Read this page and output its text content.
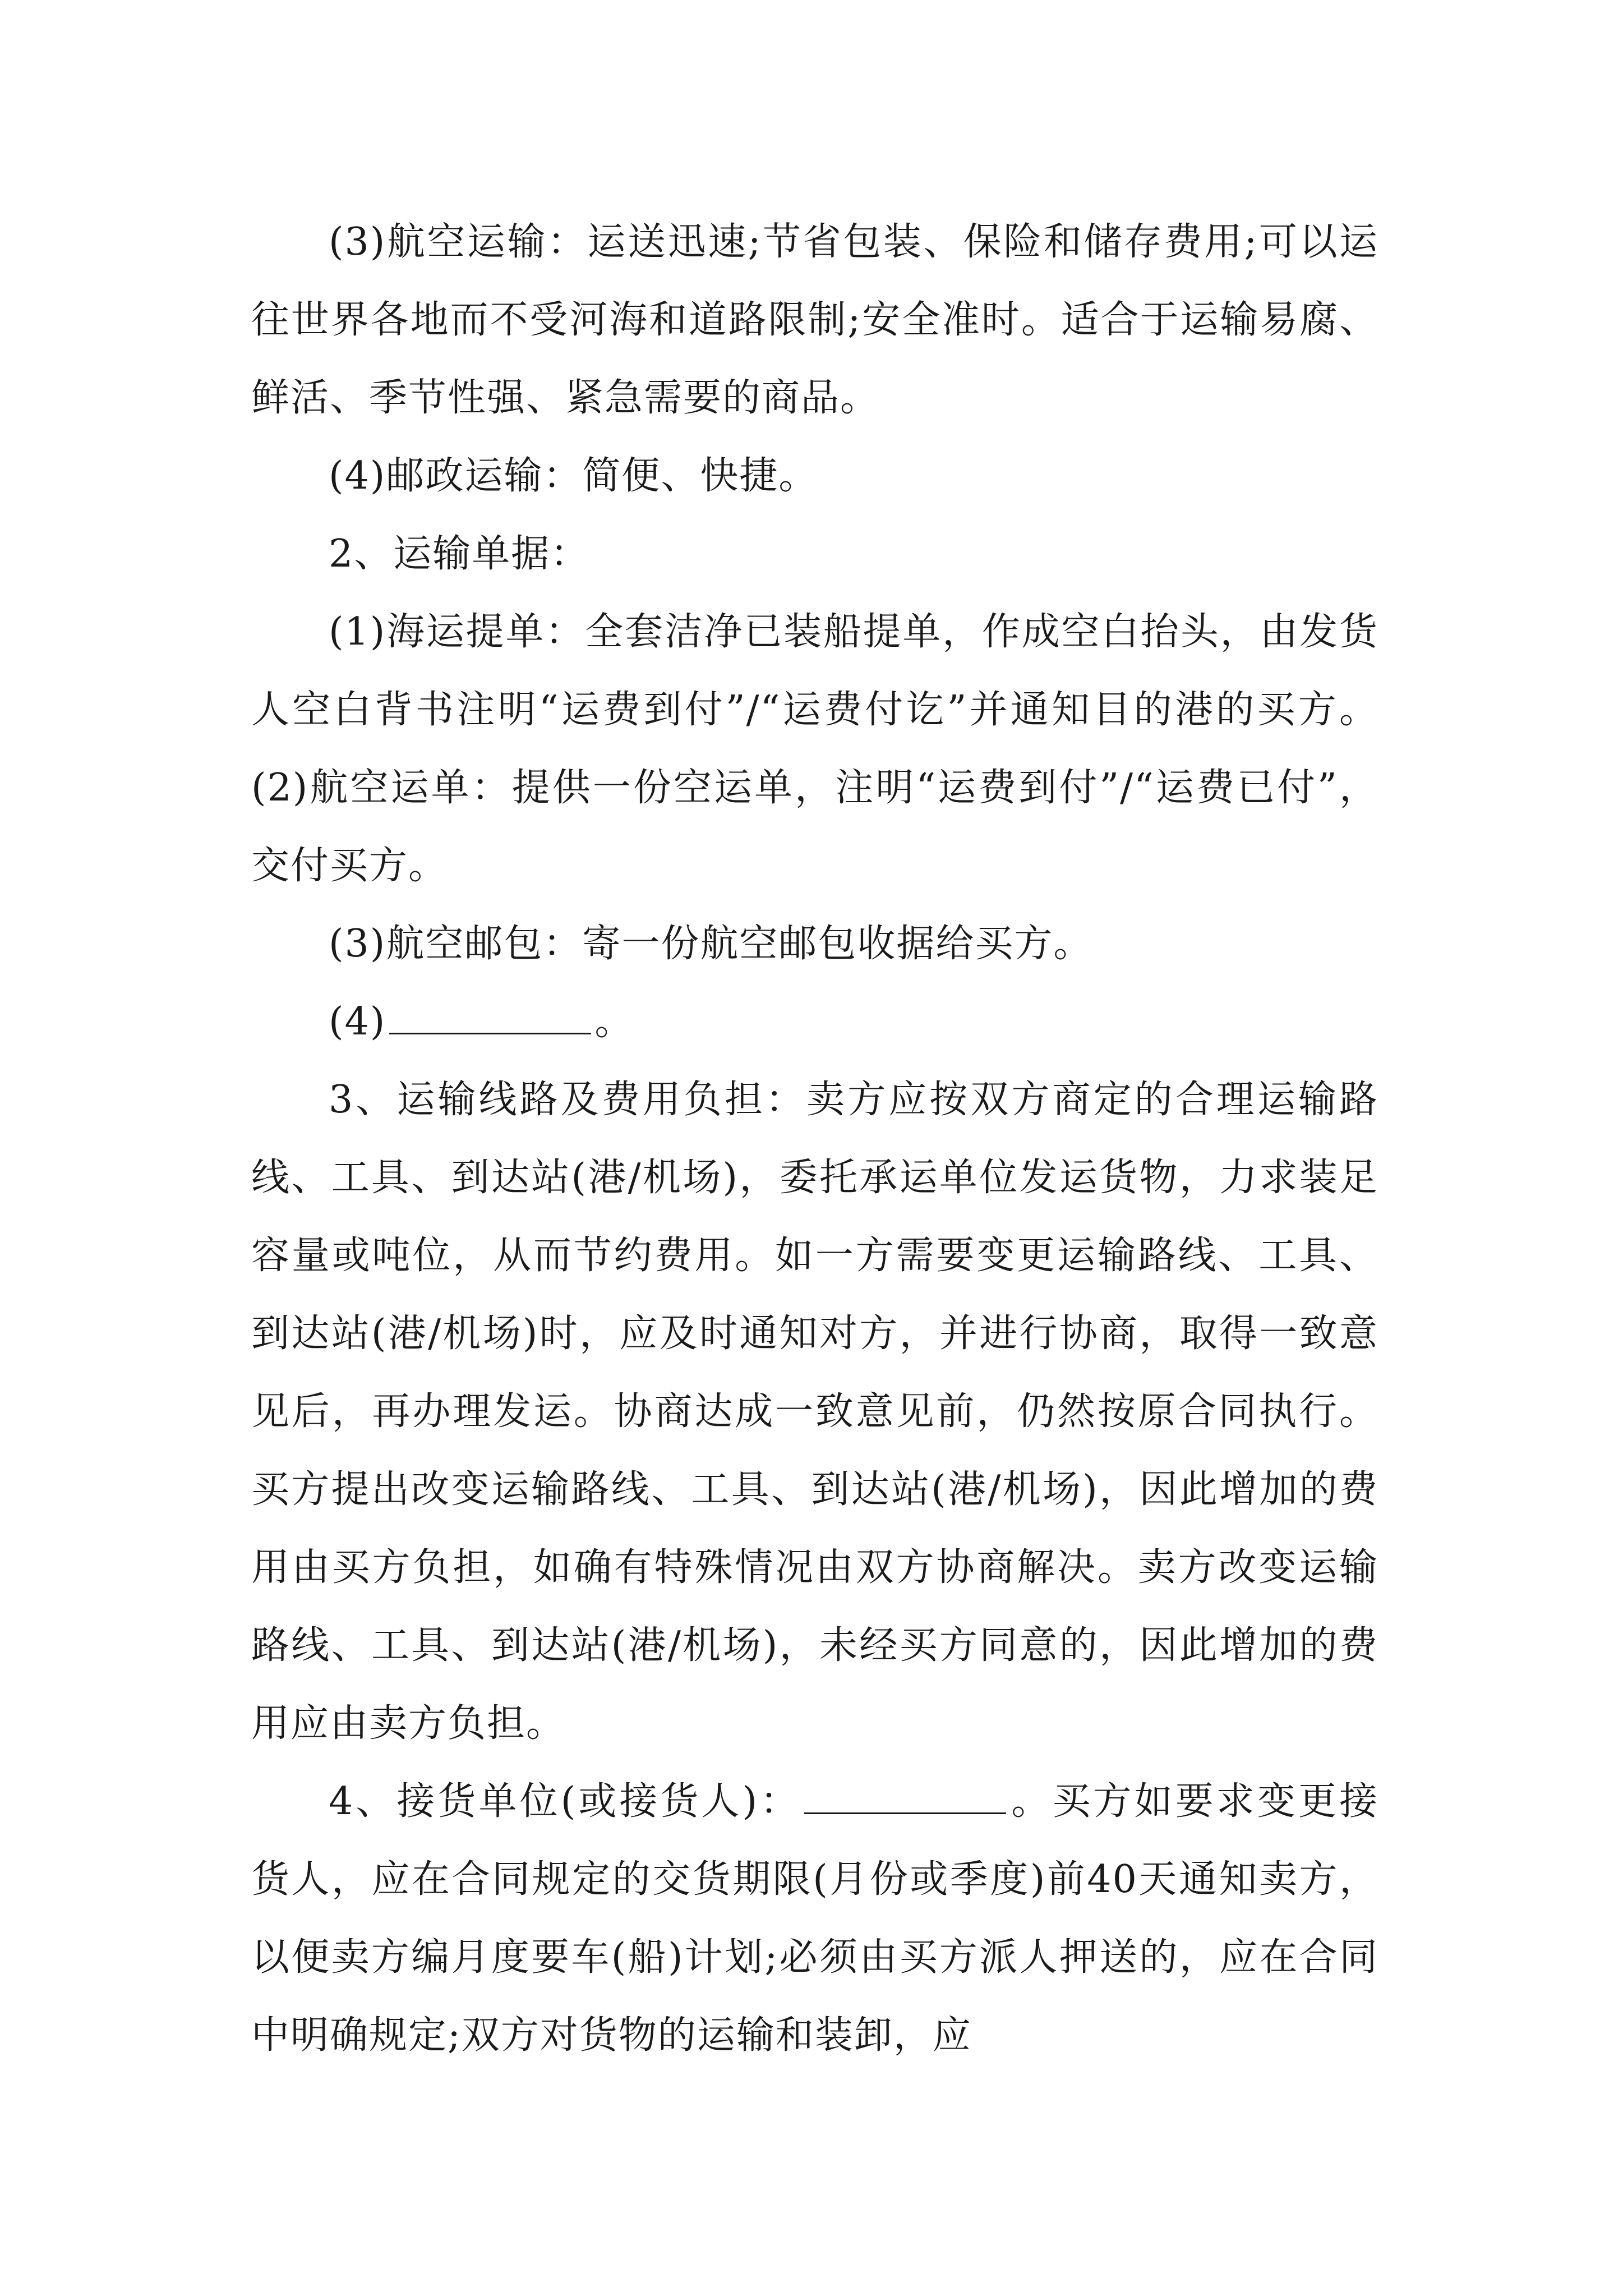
(3)航空运输：运送迅速;节省包装、保险和储存费用;可以运往世界各地而不受河海和道路限制;安全准时。适合于运输易腐、鲜活、季节性强、紧急需要的商品。

(4)邮政运输：简便、快捷。

2、运输单据：

(1)海运提单：全套洁净已装船提单，作成空白抬头，由发货人空白背书注明“运费到付”/“运费付讫”并通知目的港的买方。(2)航空运单：提供一份空运单，注明“运费到付”/“运费已付”，交付买方。

(3)航空邮包：寄一份航空邮包收据给买方。

(4)	。

3、运输线路及费用负担：卖方应按双方商定的合理运输路线、工具、到达站(港/机场)，委托承运单位发运货物，力求装足容量或吨位，从而节约费用。如一方需要变更运输路线、工具、到达站(港/机场)时，应及时通知对方，并进行协商，取得一致意见后，再办理发运。协商达成一致意见前，仍然按原合同执行。买方提出改变运输路线、工具、到达站(港/机场)，因此增加的费用由买方负担，如确有特殊情况由双方协商解决。卖方改变运输路线、工具、到达站(港/机场)，未经买方同意的，因此增加的费用应由卖方负担。

4、接货单位(或接货人)：	。买方如要求变更接货人，应在合同规定的交货期限(月份或季度)前40天通知卖方，以便卖方编月度要车(船)计划;必须由买方派人押送的，应在合同中明确规定;双方对货物的运输和装卸，应
